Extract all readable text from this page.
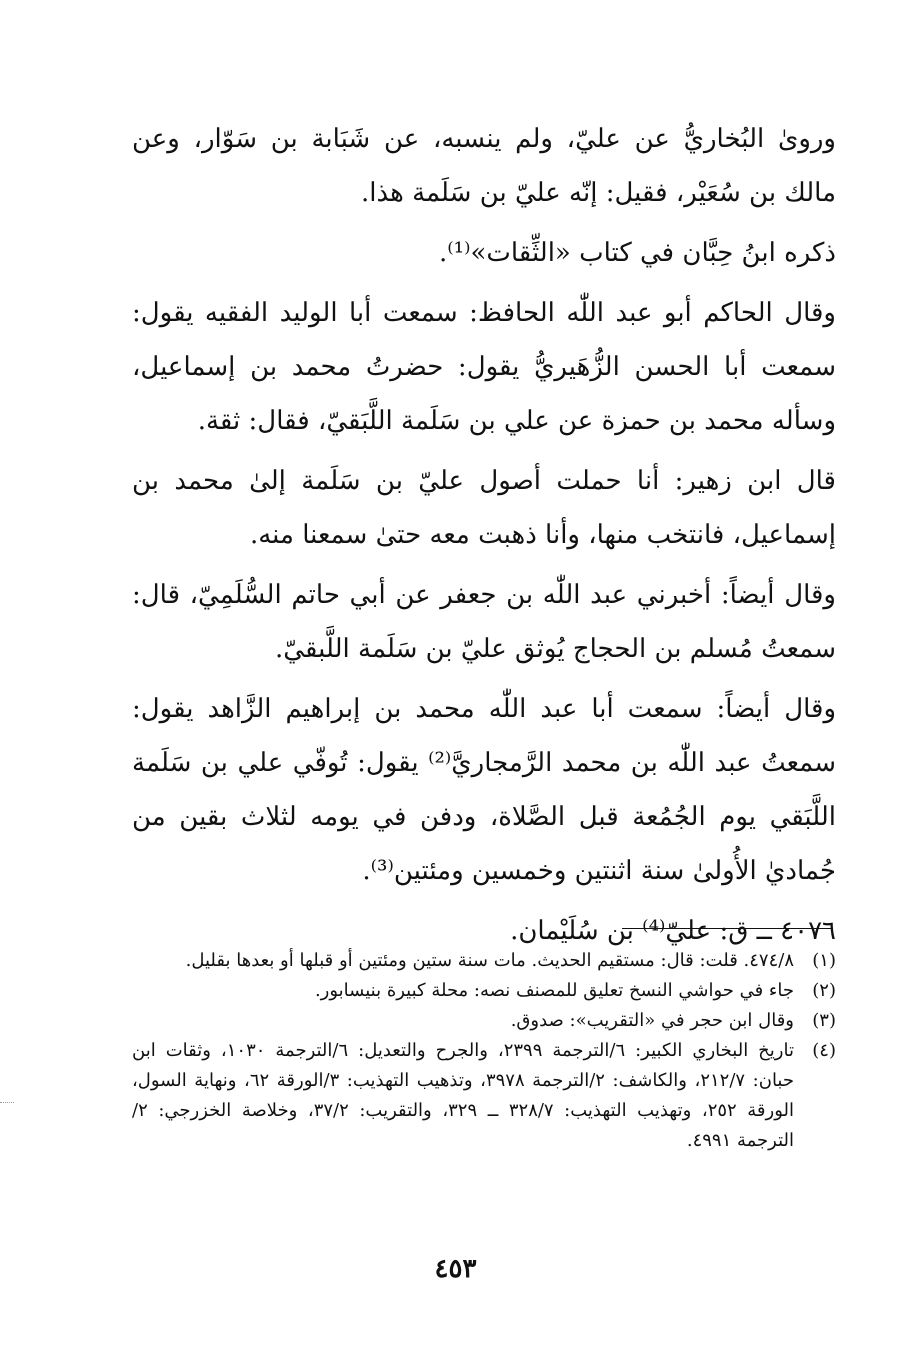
ورویٰ البُخاريُّ عن عليّ، ولم ينسبه، عن شَبَابة بن سَوّار، وعن مالك بن سُعَيْر، فقيل: إنّه عليّ بن سَلَمة هذا.

ذكره ابنُ حِبَّان في كتاب «الثِّقات»⁽¹⁾.

وقال الحاكم أبو عبد اللّٰه الحافظ: سمعت أبا الوليد الفقيه يقول: سمعت أبا الحسن الزُّهَيريُّ يقول: حضرتُ محمد بن إسماعيل، وسأله محمد بن حمزة عن علي بن سَلَمة اللَّبَقيّ، فقال: ثقة.

قال ابن زهير: أنا حملت أصول عليّ بن سَلَمة إلىٰ محمد بن إسماعيل، فانتخب منها، وأنا ذهبت معه حتىٰ سمعنا منه.

وقال أيضاً: أخبرني عبد اللّٰه بن جعفر عن أبي حاتم السُّلَمِيّ، قال: سمعتُ مُسلم بن الحجاج يُوثق عليّ بن سَلَمة اللَّبقيّ.

وقال أيضاً: سمعت أبا عبد اللّٰه محمد بن إبراهيم الزَّاهد يقول: سمعتُ عبد اللّٰه بن محمد الرَّمجاريَّ⁽²⁾ يقول: تُوفّي علي بن سَلَمة اللَّبَقي يوم الجُمُعة قبل الصَّلاة، ودفن في يومه لثلاث بقين من جُماديٰ الأُولىٰ سنة اثنتين وخمسين ومئتين⁽³⁾.

٤٠٧٦ ــ ق: عليّ⁽⁴⁾ بن سُلَيْمان.

(١)
٤٧٤/٨. قلت: قال: مستقيم الحديث. مات سنة ستين ومئتين أو قبلها أو بعدها بقليل.

(٢)
جاء في حواشي النسخ تعليق للمصنف نصه: محلة كبيرة بنيسابور.

(٣)
وقال ابن حجر في «التقريب»: صدوق.

(٤)
تاريخ البخاري الكبير: ٦/الترجمة ٢٣٩٩، والجرح والتعديل: ٦/الترجمة ١٠٣٠، وثقات ابن حبان: ٢١٢/٧، والكاشف: ٢/الترجمة ٣٩٧٨، وتذهيب التهذيب: ٣/الورقة ٦٢، ونهاية السول، الورقة ٢٥٢، وتهذيب التهذيب: ٣٢٨/٧ ــ ٣٢٩، والتقريب: ٣٧/٢، وخلاصة الخزرجي: ٢/الترجمة ٤٩٩١.

٤٥٣
